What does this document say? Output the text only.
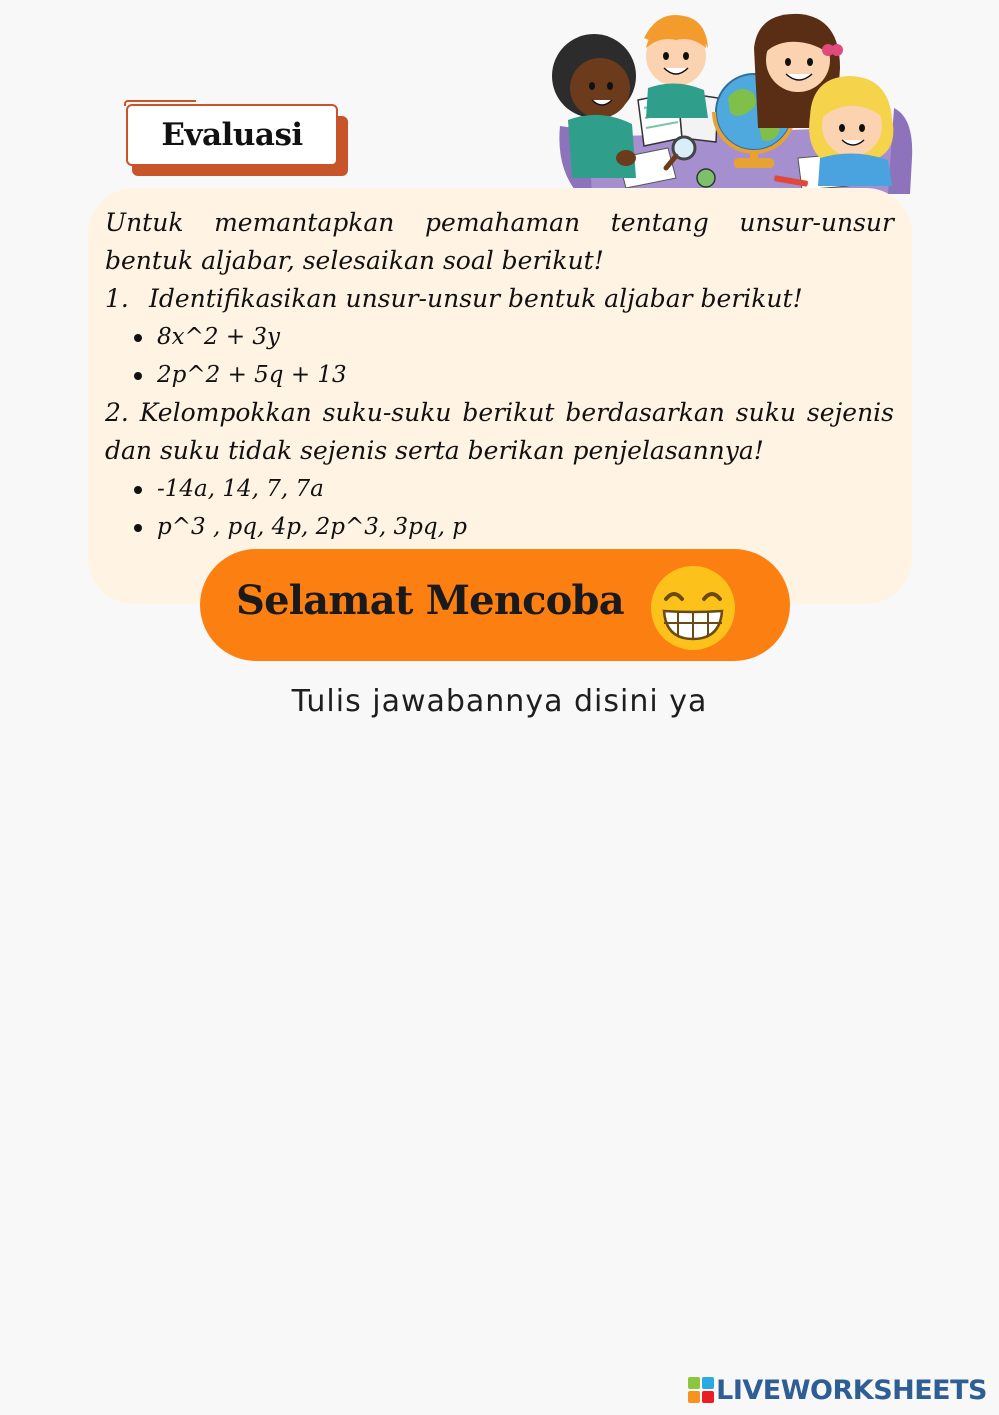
Evaluasi

Untuk memantapkan pemahaman tentang unsur-unsur bentuk aljabar, selesaikan soal berikut!

1. Identifikasikan unsur-unsur bentuk aljabar berikut!

8x^2 + 3y
2p^2 + 5q + 13

2. Kelompokkan suku-suku berikut berdasarkan suku sejenis dan suku tidak sejenis serta berikan penjelasannya!

-14a, 14, 7, 7a
p^3 , pq, 4p, 2p^3, 3pq, p
Selamat Mencoba
Tulis jawabannya disini ya
LIVEWORKSHEETS
